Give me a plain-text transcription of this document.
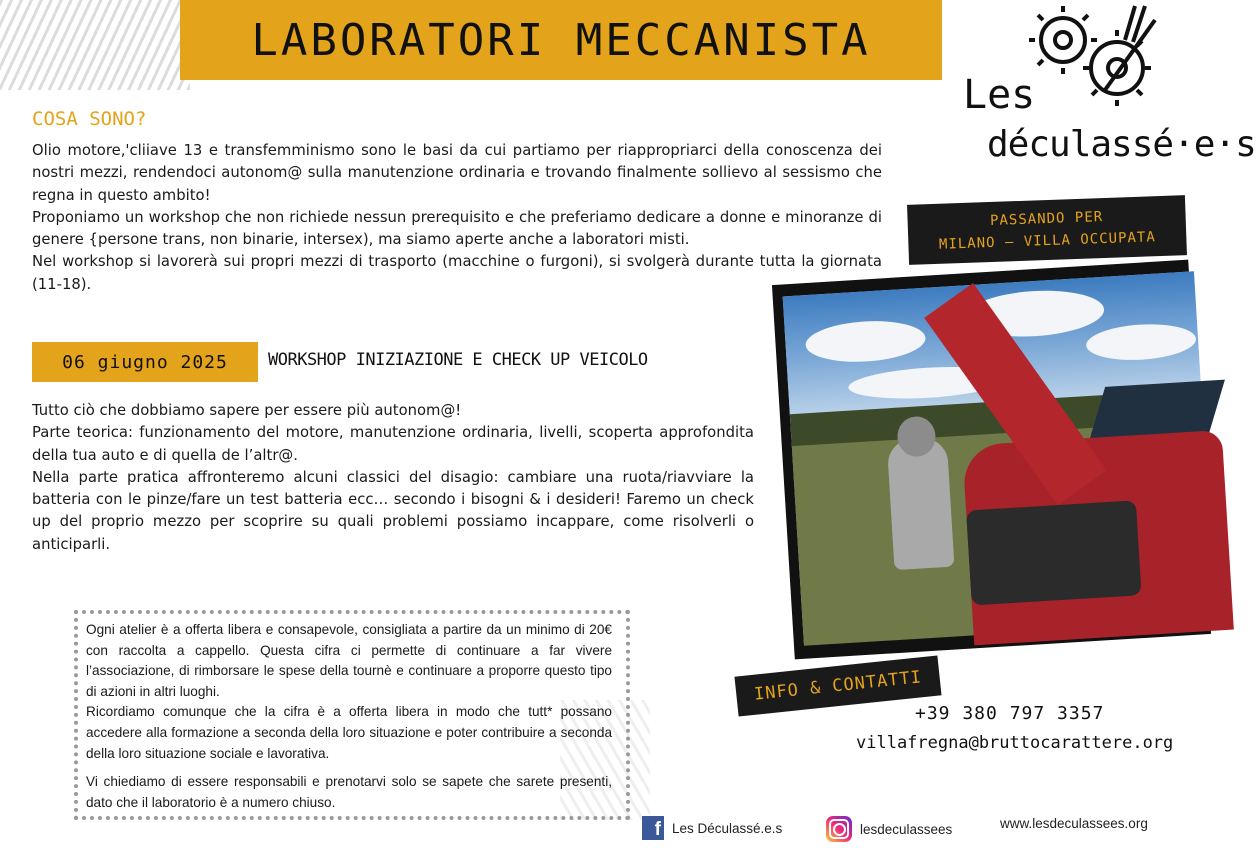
LABORATORI MECCANISTA
Les
déculassé·e·s
COSA SONO?

Olio motore,'cliiave 13 e transfemminismo sono le basi da cui partiamo per riappropriarci della conoscenza dei nostri mezzi, rendendoci autonom@ sulla manutenzione ordinaria e trovando finalmente sollievo al sessismo che regna in questo ambito!

Proponiamo un workshop che non richiede nessun prerequisito e che preferiamo dedicare a donne e minoranze di genere {persone trans, non binarie, intersex), ma siamo aperte anche a laboratori misti.

Nel workshop si lavorerà sui propri mezzi di trasporto (macchine o furgoni), si svolgerà durante tutta la giornata (11-18).

PASSANDO PER
MILANO — VILLA OCCUPATA
06 giugno 2025 WORKSHOP INIZIAZIONE E CHECK UP VEICOLO

Tutto ciò che dobbiamo sapere per essere più autonom@!

Parte teorica: funzionamento del motore, manutenzione ordinaria, livelli, scoperta approfondita della tua auto e di quella de l’altr@.

Nella parte pratica affronteremo alcuni classici del disagio: cambiare una ruota/riavviare la batteria con le pinze/fare un test batteria ecc… secondo i bisogni & i desideri! Faremo un check up del proprio mezzo per scoprire su quali problemi possiamo incappare, come risolverli o anticiparli.

Ogni atelier è a offerta libera e consapevole, consigliata a partire da un minimo di 20€ con raccolta a cappello. Questa cifra ci permette di continuare a far vivere l’associazione, di rimborsare le spese della tournè e continuare a proporre questo tipo di azioni in altri luoghi.

Ricordiamo comunque che la cifra è a offerta libera in modo che tutt* possano accedere alla formazione a seconda della loro situazione e poter contribuire a seconda della loro situazione sociale e lavorativa.

Vi chiediamo di essere responsabili e prenotarvi solo se sapete che sarete presenti, dato che il laboratorio è a numero chiuso.

INFO & CONTATTI
+39 380 797 3357
villafregna@bruttocarattere.org
f Les Déculassé.e.s	lesdeculassees	www.lesdeculassees.org
